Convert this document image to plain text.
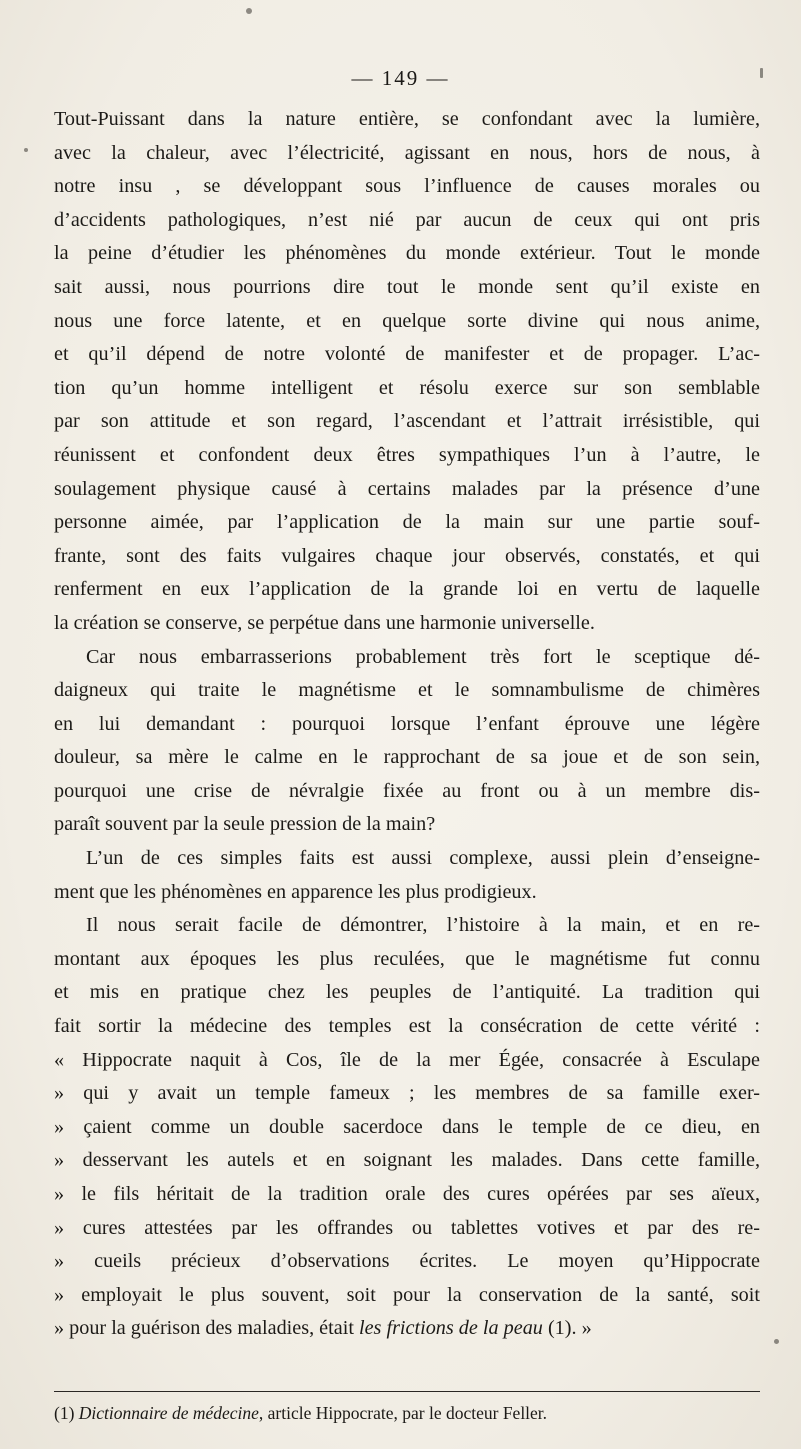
— 149 —
Tout-Puissant dans la nature entière, se confondant avec la lumière,
avec la chaleur, avec l’électricité, agissant en nous, hors de nous, à
notre insu , se développant sous l’influence de causes morales ou
d’accidents pathologiques, n’est nié par aucun de ceux qui ont pris
la peine d’étudier les phénomènes du monde extérieur. Tout le monde
sait aussi, nous pourrions dire tout le monde sent qu’il existe en
nous une force latente, et en quelque sorte divine qui nous anime,
et qu’il dépend de notre volonté de manifester et de propager. L’ac-
tion qu’un homme intelligent et résolu exerce sur son semblable
par son attitude et son regard, l’ascendant et l’attrait irrésistible, qui
réunissent et confondent deux êtres sympathiques l’un à l’autre, le
soulagement physique causé à certains malades par la présence d’une
personne aimée, par l’application de la main sur une partie souf-
frante, sont des faits vulgaires chaque jour observés, constatés, et qui
renferment en eux l’application de la grande loi en vertu de laquelle
la création se conserve, se perpétue dans une harmonie universelle.
Car nous embarrasserions probablement très fort le sceptique dé-
daigneux qui traite le magnétisme et le somnambulisme de chimères
en lui demandant : pourquoi lorsque l’enfant éprouve une légère
douleur, sa mère le calme en le rapprochant de sa joue et de son sein,
pourquoi une crise de névralgie fixée au front ou à un membre dis-
paraît souvent par la seule pression de la main?
L’un de ces simples faits est aussi complexe, aussi plein d’enseigne-
ment que les phénomènes en apparence les plus prodigieux.
Il nous serait facile de démontrer, l’histoire à la main, et en re-
montant aux époques les plus reculées, que le magnétisme fut connu
et mis en pratique chez les peuples de l’antiquité. La tradition qui
fait sortir la médecine des temples est la consécration de cette vérité :
« Hippocrate naquit à Cos, île de la mer Égée, consacrée à Esculape
» qui y avait un temple fameux ; les membres de sa famille exer-
» çaient comme un double sacerdoce dans le temple de ce dieu, en
» desservant les autels et en soignant les malades. Dans cette famille,
» le fils héritait de la tradition orale des cures opérées par ses aïeux,
» cures attestées par les offrandes ou tablettes votives et par des re-
» cueils précieux d’observations écrites. Le moyen qu’Hippocrate
» employait le plus souvent, soit pour la conservation de la santé, soit
» pour la guérison des maladies, était les frictions de la peau (1). »
(1) Dictionnaire de médecine, article Hippocrate, par le docteur Feller.
